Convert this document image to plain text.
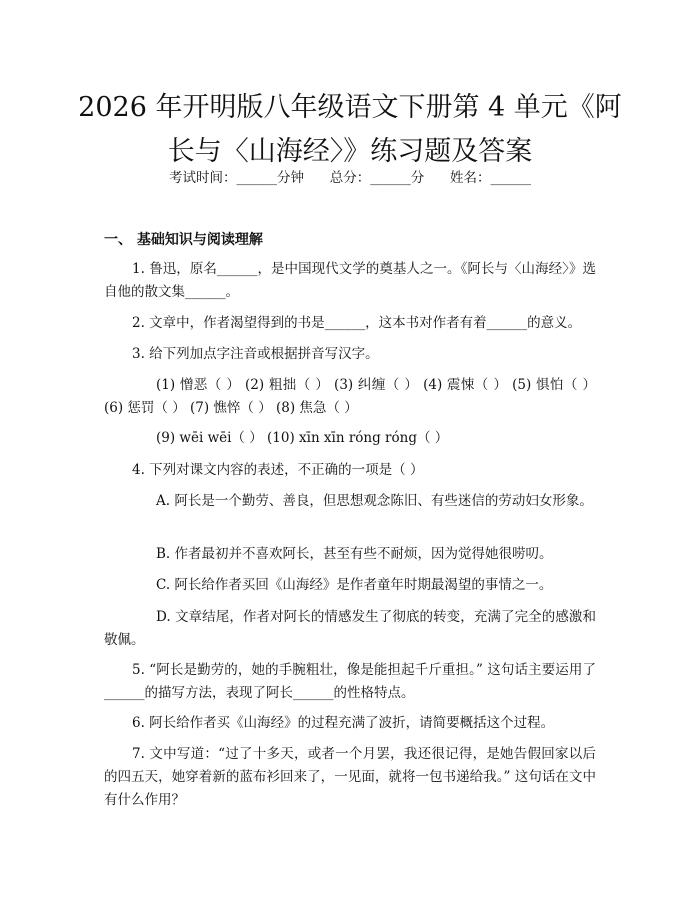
2026 年开明版八年级语文下册第 4 单元《阿
长与〈山海经〉》练习题及答案
考试时间：______分钟      总分：______分      姓名：______
一、 基础知识与阅读理解

1. 鲁迅，原名______，是中国现代文学的奠基人之一。《阿长与〈山海经〉》选自他的散文集______。

2. 文章中，作者渴望得到的书是______，这本书对作者有着______的意义。

3. 给下列加点字注音或根据拼音写汉字。

(1) 憎恶（ ） (2) 粗拙（ ） (3) 纠缠（ ） (4) 震悚（ ） (5) 惧怕（ ） (6) 惩罚（ ） (7) 憔悴（ ） (8) 焦急（ ）

(9) wēi wēi（ ） (10) xīn xīn róng róng（ ）

4. 下列对课文内容的表述，不正确的一项是（ ）

A. 阿长是一个勤劳、善良，但思想观念陈旧、有些迷信的劳动妇女形象。

B. 作者最初并不喜欢阿长，甚至有些不耐烦，因为觉得她很唠叨。

C. 阿长给作者买回《山海经》是作者童年时期最渴望的事情之一。

D. 文章结尾，作者对阿长的情感发生了彻底的转变，充满了完全的感激和敬佩。

5. “阿长是勤劳的，她的手腕粗壮，像是能担起千斤重担。” 这句话主要运用了______的描写方法，表现了阿长______的性格特点。

6. 阿长给作者买《山海经》的过程充满了波折，请简要概括这个过程。

7. 文中写道：“过了十多天，或者一个月罢，我还很记得，是她告假回家以后的四五天，她穿着新的蓝布衫回来了，一见面，就将一包书递给我。” 这句话在文中有什么作用？
